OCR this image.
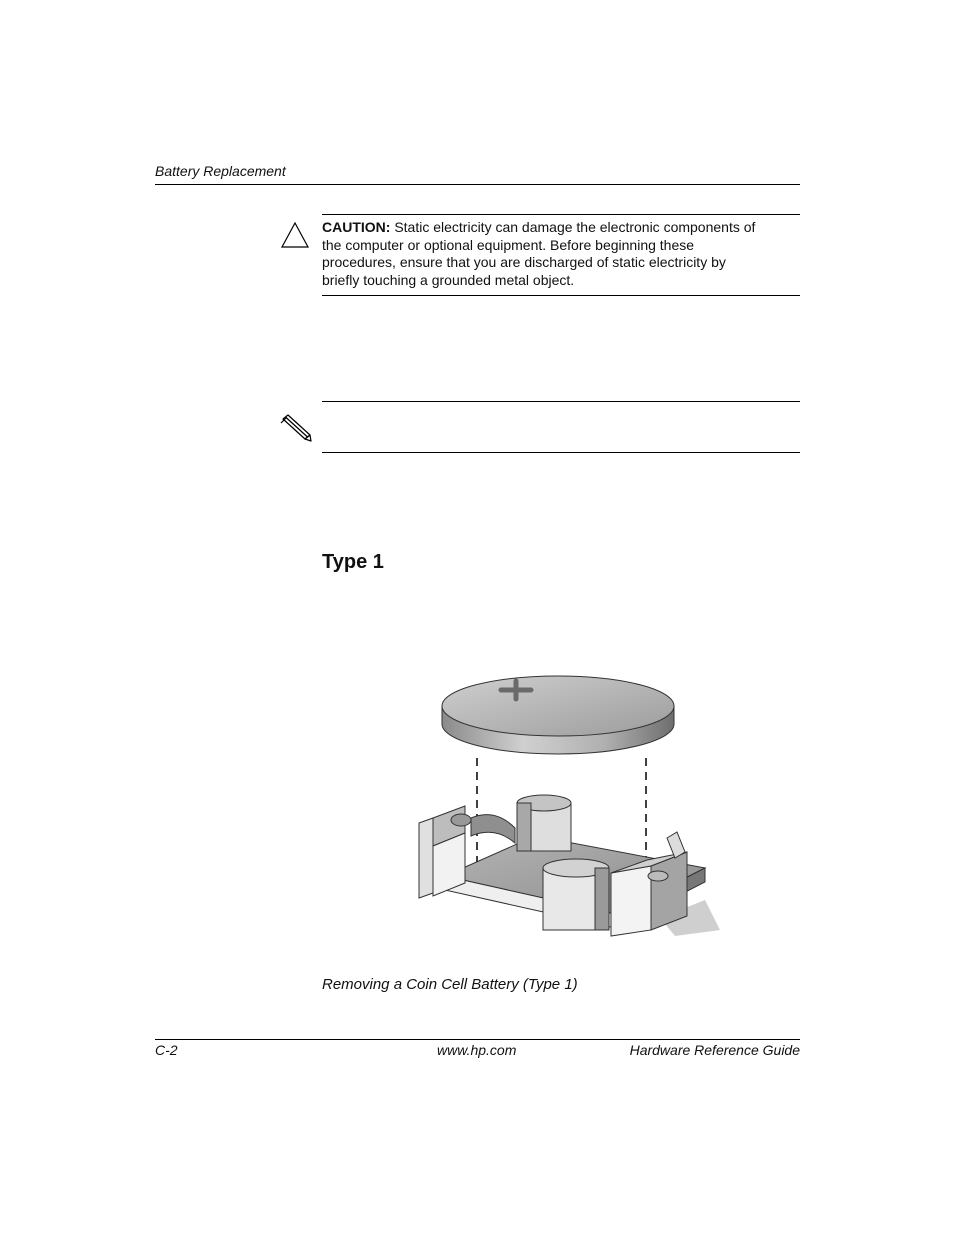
Battery Replacement
CAUTION: Static electricity can damage the electronic components of the computer or optional equipment. Before beginning these procedures, ensure that you are discharged of static electricity by briefly touching a grounded metal object.
Type 1
Removing a Coin Cell Battery (Type 1)
C-2	www.hp.com	Hardware Reference Guide
